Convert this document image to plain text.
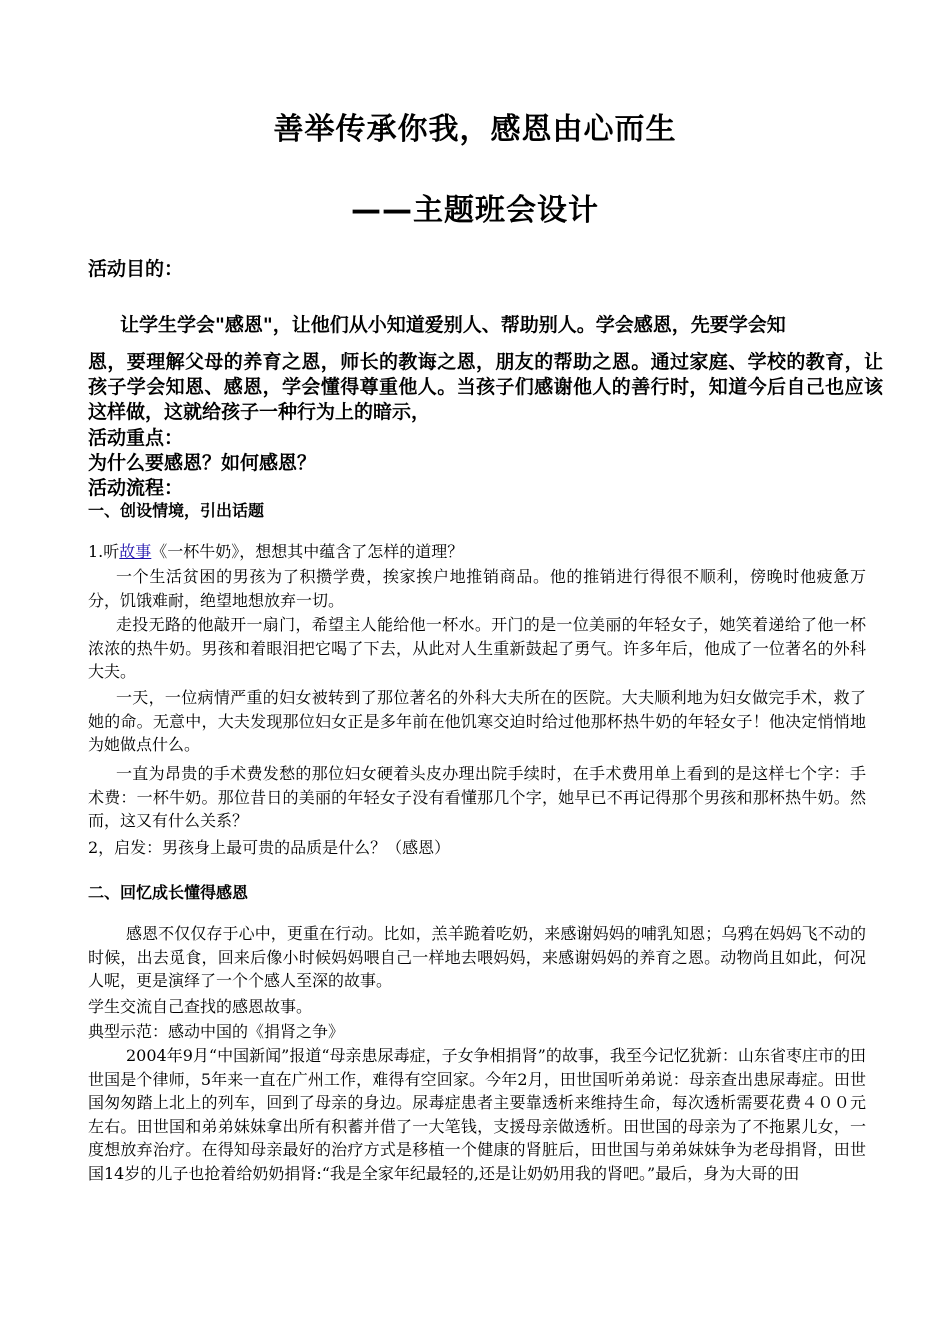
善举传承你我，感恩由心而生
——主题班会设计
活动目的：
让学生学会"感恩"，让他们从小知道爱别人、帮助别人。学会感恩，先要学会知
恩，要理解父母的养育之恩，师长的教诲之恩，朋友的帮助之恩。通过家庭、学校的教育，让孩子学会知恩、感恩，学会懂得尊重他人。当孩子们感谢他人的善行时，知道今后自己也应该这样做，这就给孩子一种行为上的暗示，
活动重点：
为什么要感恩？如何感恩？
活动流程：
一、创设情境，引出话题
1.听故事《一杯牛奶》，想想其中蕴含了怎样的道理？
一个生活贫困的男孩为了积攒学费，挨家挨户地推销商品。他的推销进行得很不顺利，傍晚时他疲惫万分，饥饿难耐，绝望地想放弃一切。
走投无路的他敲开一扇门，希望主人能给他一杯水。开门的是一位美丽的年轻女子，她笑着递给了他一杯浓浓的热牛奶。男孩和着眼泪把它喝了下去，从此对人生重新鼓起了勇气。许多年后，他成了一位著名的外科大夫。
一天，一位病情严重的妇女被转到了那位著名的外科大夫所在的医院。大夫顺利地为妇女做完手术，救了她的命。无意中，大夫发现那位妇女正是多年前在他饥寒交迫时给过他那杯热牛奶的年轻女子！他决定悄悄地为她做点什么。
一直为昂贵的手术费发愁的那位妇女硬着头皮办理出院手续时，在手术费用单上看到的是这样七个字：手术费：一杯牛奶。那位昔日的美丽的年轻女子没有看懂那几个字，她早已不再记得那个男孩和那杯热牛奶。然而，这又有什么关系？
2，启发：男孩身上最可贵的品质是什么？（感恩）
二、回忆成长懂得感恩
感恩不仅仅存于心中，更重在行动。比如，羔羊跪着吃奶，来感谢妈妈的哺乳知恩；乌鸦在妈妈飞不动的时候，出去觅食，回来后像小时候妈妈喂自己一样地去喂妈妈，来感谢妈妈的养育之恩。动物尚且如此，何况人呢，更是演绎了一个个感人至深的故事。
学生交流自己查找的感恩故事。
典型示范：感动中国的《捐肾之争》
2004年9月“中国新闻”报道“母亲患尿毒症，子女争相捐肾”的故事，我至今记忆犹新：山东省枣庄市的田世国是个律师，5年来一直在广州工作，难得有空回家。今年2月，田世国听弟弟说：母亲查出患尿毒症。田世国匆匆踏上北上的列车，回到了母亲的身边。尿毒症患者主要靠透析来维持生命，每次透析需要花费４００元左右。田世国和弟弟妹妹拿出所有积蓄并借了一大笔钱，支援母亲做透析。田世国的母亲为了不拖累儿女，一度想放弃治疗。在得知母亲最好的治疗方式是移植一个健康的肾脏后，田世国与弟弟妹妹争为老母捐肾，田世国14岁的儿子也抢着给奶奶捐肾:“我是全家年纪最轻的,还是让奶奶用我的肾吧。”最后，身为大哥的田
